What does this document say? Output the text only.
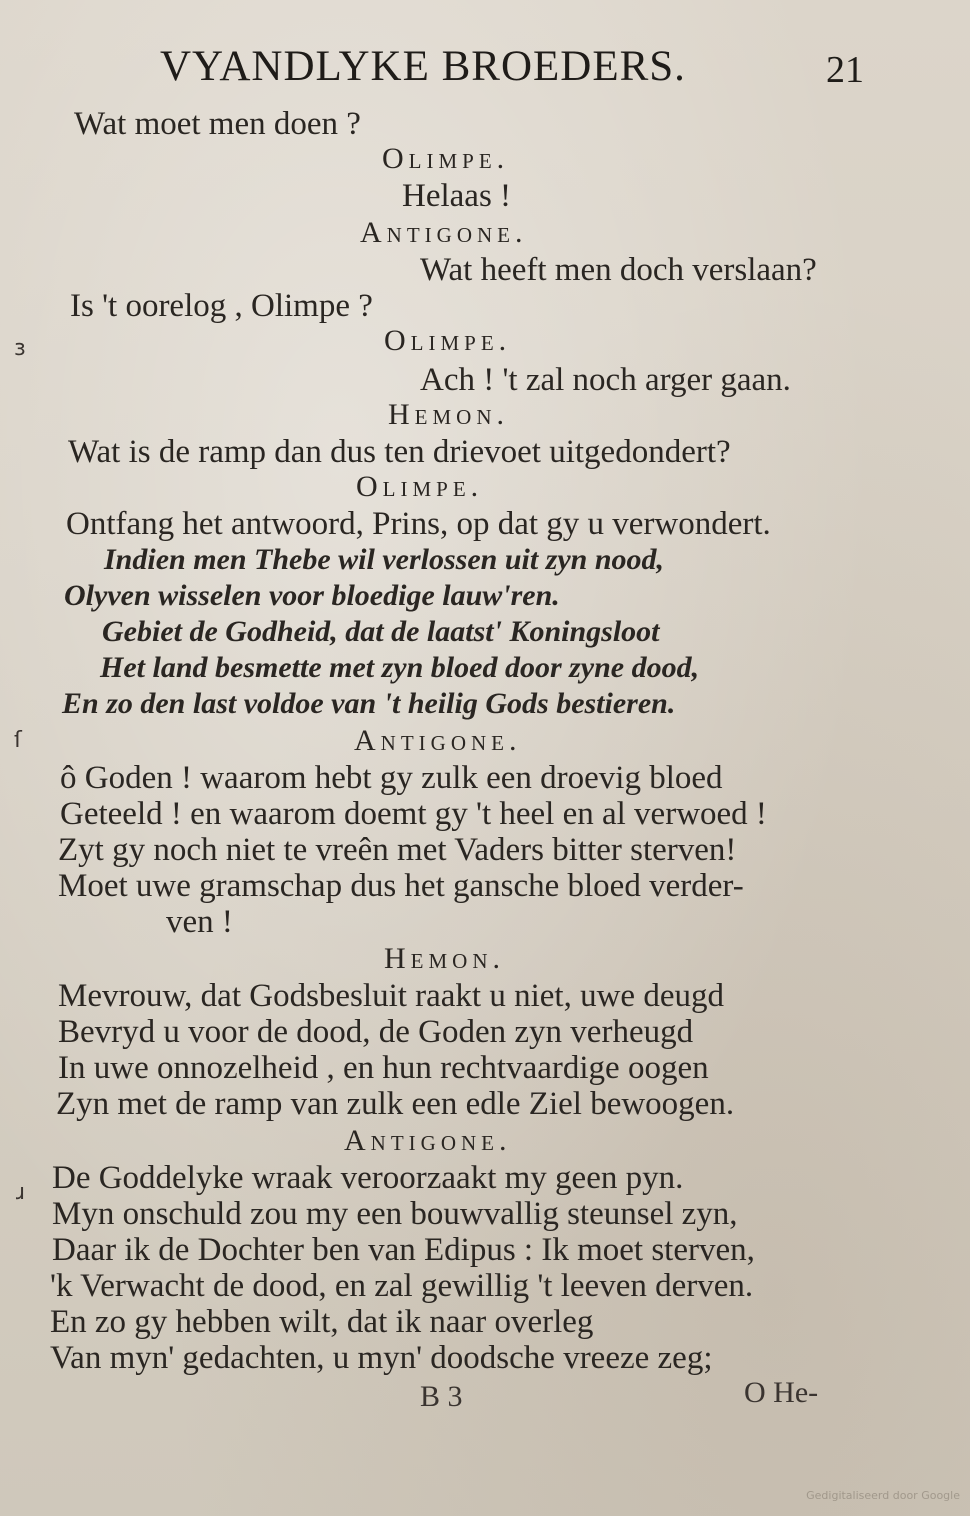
VYANDLYKE BROEDERS.	21
Wat moet men doen ?
Olimpe.
Helaas !
Antigone.
Wat heeft men doch verslaan?
Is 't oorelog , Olimpe ?
Olimpe.
Ach ! 't zal noch arger gaan.
Hemon.
Wat is de ramp dan dus ten drievoet uitgedondert?
Olimpe.
Ontfang het antwoord, Prins, op dat gy u verwondert.
Indien men Thebe wil verlossen uit zyn nood,
Olyven wisselen voor bloedige lauw'ren.
Gebiet de Godheid, dat de laatst' Koningsloot
Het land besmette met zyn bloed door zyne dood,
En zo den last voldoe van 't heilig Gods bestieren.
Antigone.
ô Goden ! waarom hebt gy zulk een droevig bloed
Geteeld ! en waarom doemt gy 't heel en al verwoed !
Zyt gy noch niet te vreên met Vaders bitter sterven!
Moet uwe gramschap dus het gansche bloed verder-
ven !
Hemon.
Mevrouw, dat Godsbesluit raakt u niet, uwe deugd
Bevryd u voor de dood, de Goden zyn verheugd
In uwe onnozelheid , en hun rechtvaardige oogen
Zyn met de ramp van zulk een edle Ziel bewoogen.
Antigone.
De Goddelyke wraak veroorzaakt my geen pyn.
Myn onschuld zou my een bouwvallig steunsel zyn,
Daar ik de Dochter ben van Edipus : Ik moet sterven,
'k Verwacht de dood, en zal gewillig 't leeven derven.
En zo gy hebben wilt, dat ik naar overleg
Van myn' gedachten, u myn' doodsche vreeze zeg;
ɜ
ſ
ɹ
B 3	O He-
Gedigitaliseerd door Google
